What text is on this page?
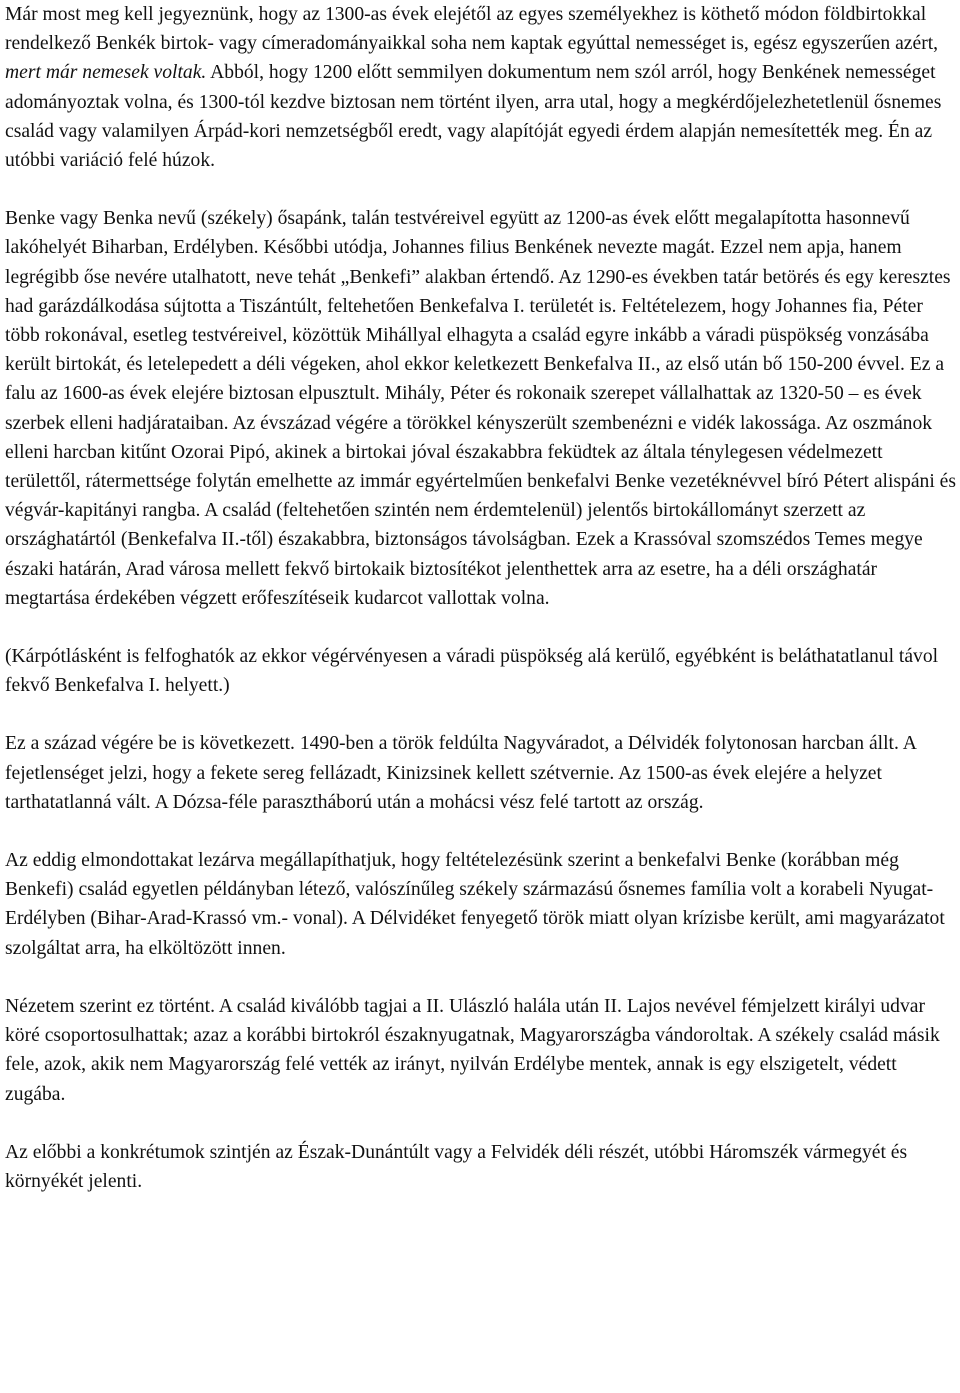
Már most meg kell jegyeznünk, hogy az 1300-as évek elejétől az egyes személyekhez is köthető módon földbirtokkal rendelkező Benkék birtok- vagy címeradományaikkal soha nem kaptak egyúttal nemességet is, egész egyszerűen azért, mert már nemesek voltak. Abból, hogy 1200 előtt semmilyen dokumentum nem szól arról, hogy Benkének nemességet adományoztak volna, és 1300-tól kezdve biztosan nem történt ilyen, arra utal, hogy a megkérdőjelezhetetlenül ősnemes család vagy valamilyen Árpád-kori nemzetségből eredt, vagy alapítóját egyedi érdem alapján nemesítették meg. Én az utóbbi variáció felé húzok.

Benke vagy Benka nevű (székely) ősapánk, talán testvéreivel együtt az 1200-as évek előtt megalapította hasonnevű lakóhelyét Biharban, Erdélyben. Későbbi utódja, Johannes filius Benkének nevezte magát. Ezzel nem apja, hanem legrégibb őse nevére utalhatott, neve tehát „Benkefi” alakban értendő. Az 1290-es években tatár betörés és egy keresztes had garázdálkodása sújtotta a Tiszántúlt, feltehetően Benkefalva I. területét is. Feltételezem, hogy Johannes fia, Péter több rokonával, esetleg testvéreivel, közöttük Mihállyal elhagyta a család egyre inkább a váradi püspökség vonzásába került birtokát, és letelepedett a déli végeken, ahol ekkor keletkezett Benkefalva II., az első után bő 150-200 évvel. Ez a falu az 1600-as évek elejére biztosan elpusztult. Mihály, Péter és rokonaik szerepet vállalhattak az 1320-50 – es évek szerbek elleni hadjárataiban. Az évszázad végére a törökkel kényszerült szembenézni e vidék lakossága. Az oszmánok elleni harcban kitűnt Ozorai Pipó, akinek a birtokai jóval északabbra feküdtek az általa ténylegesen védelmezett területtől, rátermettsége folytán emelhette az immár egyértelműen benkefalvi Benke vezetéknévvel bíró Pétert alispáni és végvár-kapitányi rangba. A család (feltehetően szintén nem érdemtelenül) jelentős birtokállományt szerzett az országhatártól (Benkefalva II.-től) északabbra, biztonságos távolságban. Ezek a Krassóval szomszédos Temes megye északi határán, Arad városa mellett fekvő birtokaik biztosítékot jelenthettek arra az esetre, ha a déli országhatár megtartása érdekében végzett erőfeszítéseik kudarcot vallottak volna.

(Kárpótlásként is felfoghatók az ekkor végérvényesen a váradi püspökség alá kerülő, egyébként is beláthatatlanul távol fekvő Benkefalva I. helyett.)

Ez a század végére be is következett. 1490-ben a török feldúlta Nagyváradot, a Délvidék folytonosan harcban állt. A fejetlenséget jelzi, hogy a fekete sereg fellázadt, Kinizsinek kellett szétvernie. Az 1500-as évek elejére a helyzet tarthatatlanná vált. A Dózsa-féle parasztháború után a mohácsi vész felé tartott az ország.

Az eddig elmondottakat lezárva megállapíthatjuk, hogy feltételezésünk szerint a benkefalvi Benke (korábban még Benkefi) család egyetlen példányban létező, valószínűleg székely származású ősnemes família volt a korabeli Nyugat-Erdélyben (Bihar-Arad-Krassó vm.- vonal). A Délvidéket fenyegető török miatt olyan krízisbe került, ami magyarázatot szolgáltat arra, ha elköltözött innen.

Nézetem szerint ez történt. A család kiválóbb tagjai a II. Ulászló halála után II. Lajos nevével fémjelzett királyi udvar köré csoportosulhattak; azaz a korábbi birtokról északnyugatnak, Magyarországba vándoroltak. A székely család másik fele, azok, akik nem Magyarország felé vették az irányt, nyilván Erdélybe mentek, annak is egy elszigetelt, védett zugába.

Az előbbi a konkrétumok szintjén az Észak-Dunántúlt vagy a Felvidék déli részét, utóbbi Háromszék vármegyét és környékét jelenti.
